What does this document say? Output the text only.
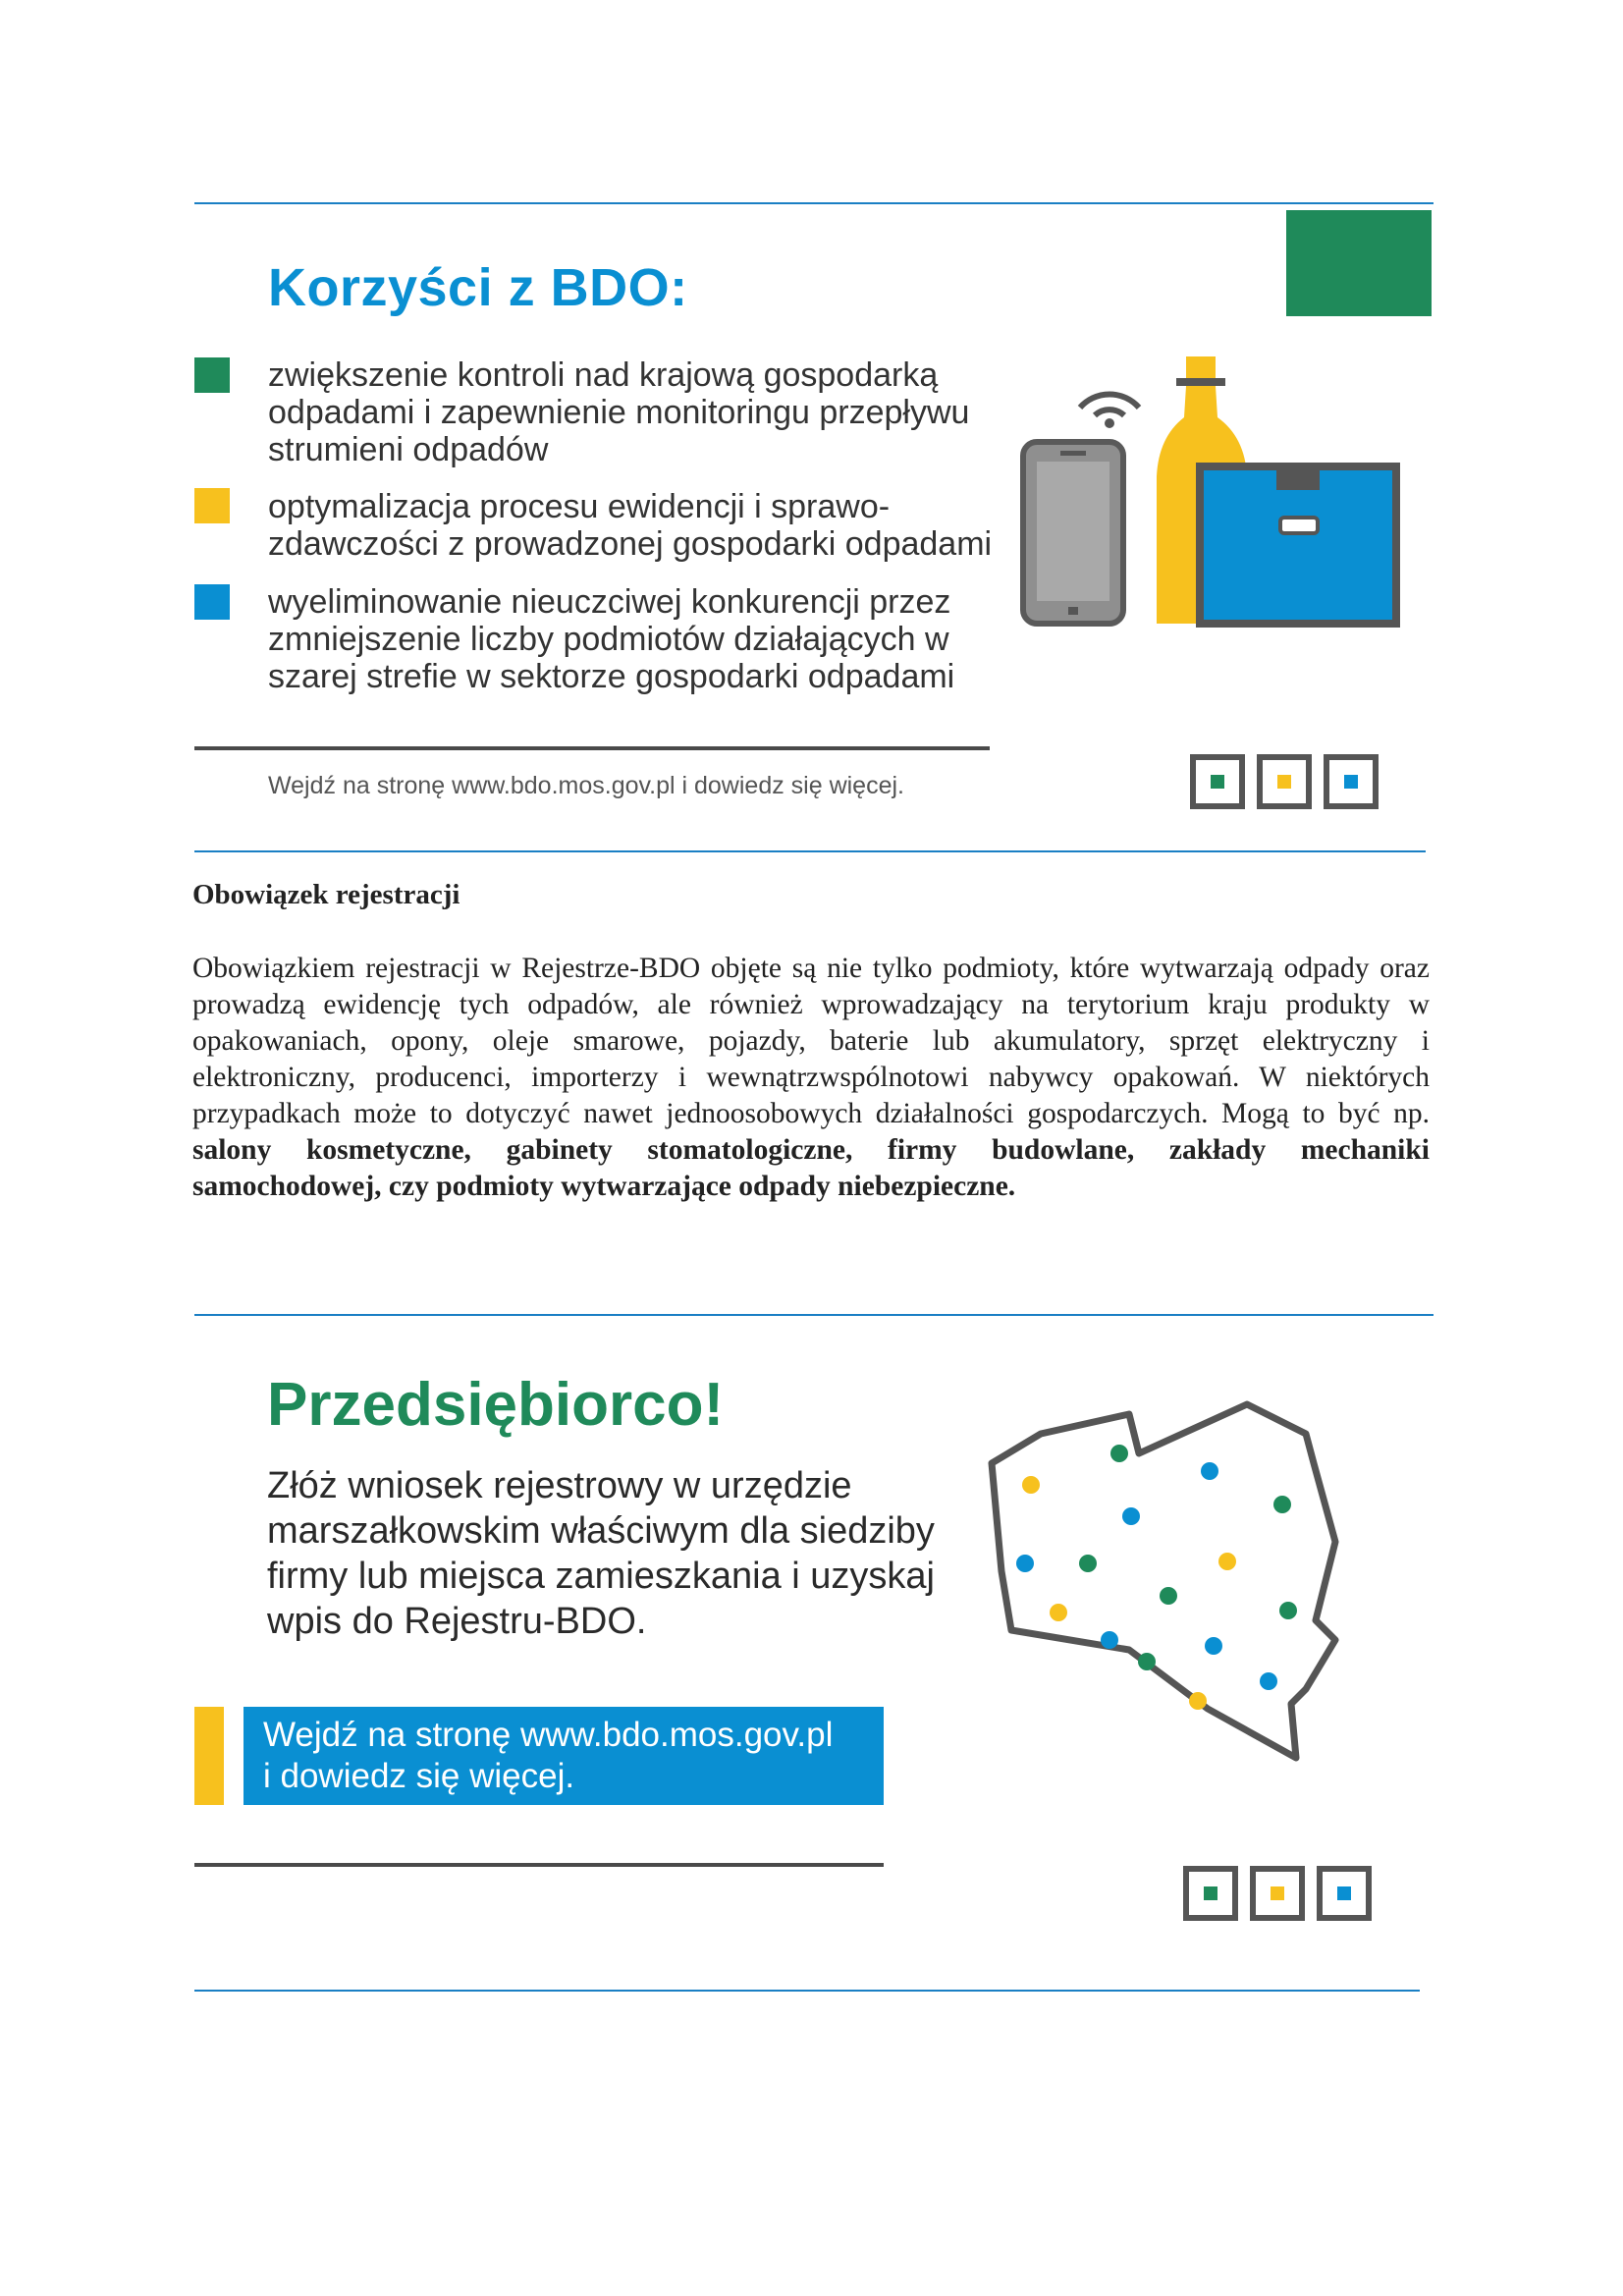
Korzyści z BDO:
zwiększenie kontroli nad krajową gospodarką odpadami i zapewnienie monitoringu przepływu strumieni odpadów
optymalizacja procesu ewidencji i sprawo-zdawczości z prowadzonej gospodarki odpadami
wyeliminowanie nieuczciwej konkurencji przez zmniejszenie liczby podmiotów działających w szarej strefie w sektorze gospodarki odpadami
Wejdź na stronę www.bdo.mos.gov.pl i dowiedz się więcej.
Obowiązek rejestracji
Obowiązkiem rejestracji w Rejestrze-BDO objęte są nie tylko podmioty, które wytwarzają odpady oraz prowadzą ewidencję tych odpadów, ale również wprowadzający na terytorium kraju produkty w opakowaniach, opony, oleje smarowe, pojazdy, baterie lub akumulatory, sprzęt elektryczny i elektroniczny, producenci, importerzy i wewnątrzwspólnotowi nabywcy opakowań. W niektórych przypadkach może to dotyczyć nawet jednoosobowych działalności gospodarczych. Mogą to być np. salony kosmetyczne, gabinety stomatologiczne, firmy budowlane, zakłady mechaniki samochodowej, czy podmioty wytwarzające odpady niebezpieczne.
Przedsiębiorco!
Złóż wniosek rejestrowy w urzędzie marszałkowskim właściwym dla siedziby firmy lub miejsca zamieszkania i uzyskaj wpis do Rejestru-BDO.
Wejdź na stronę www.bdo.mos.gov.pl
i dowiedz się więcej.
